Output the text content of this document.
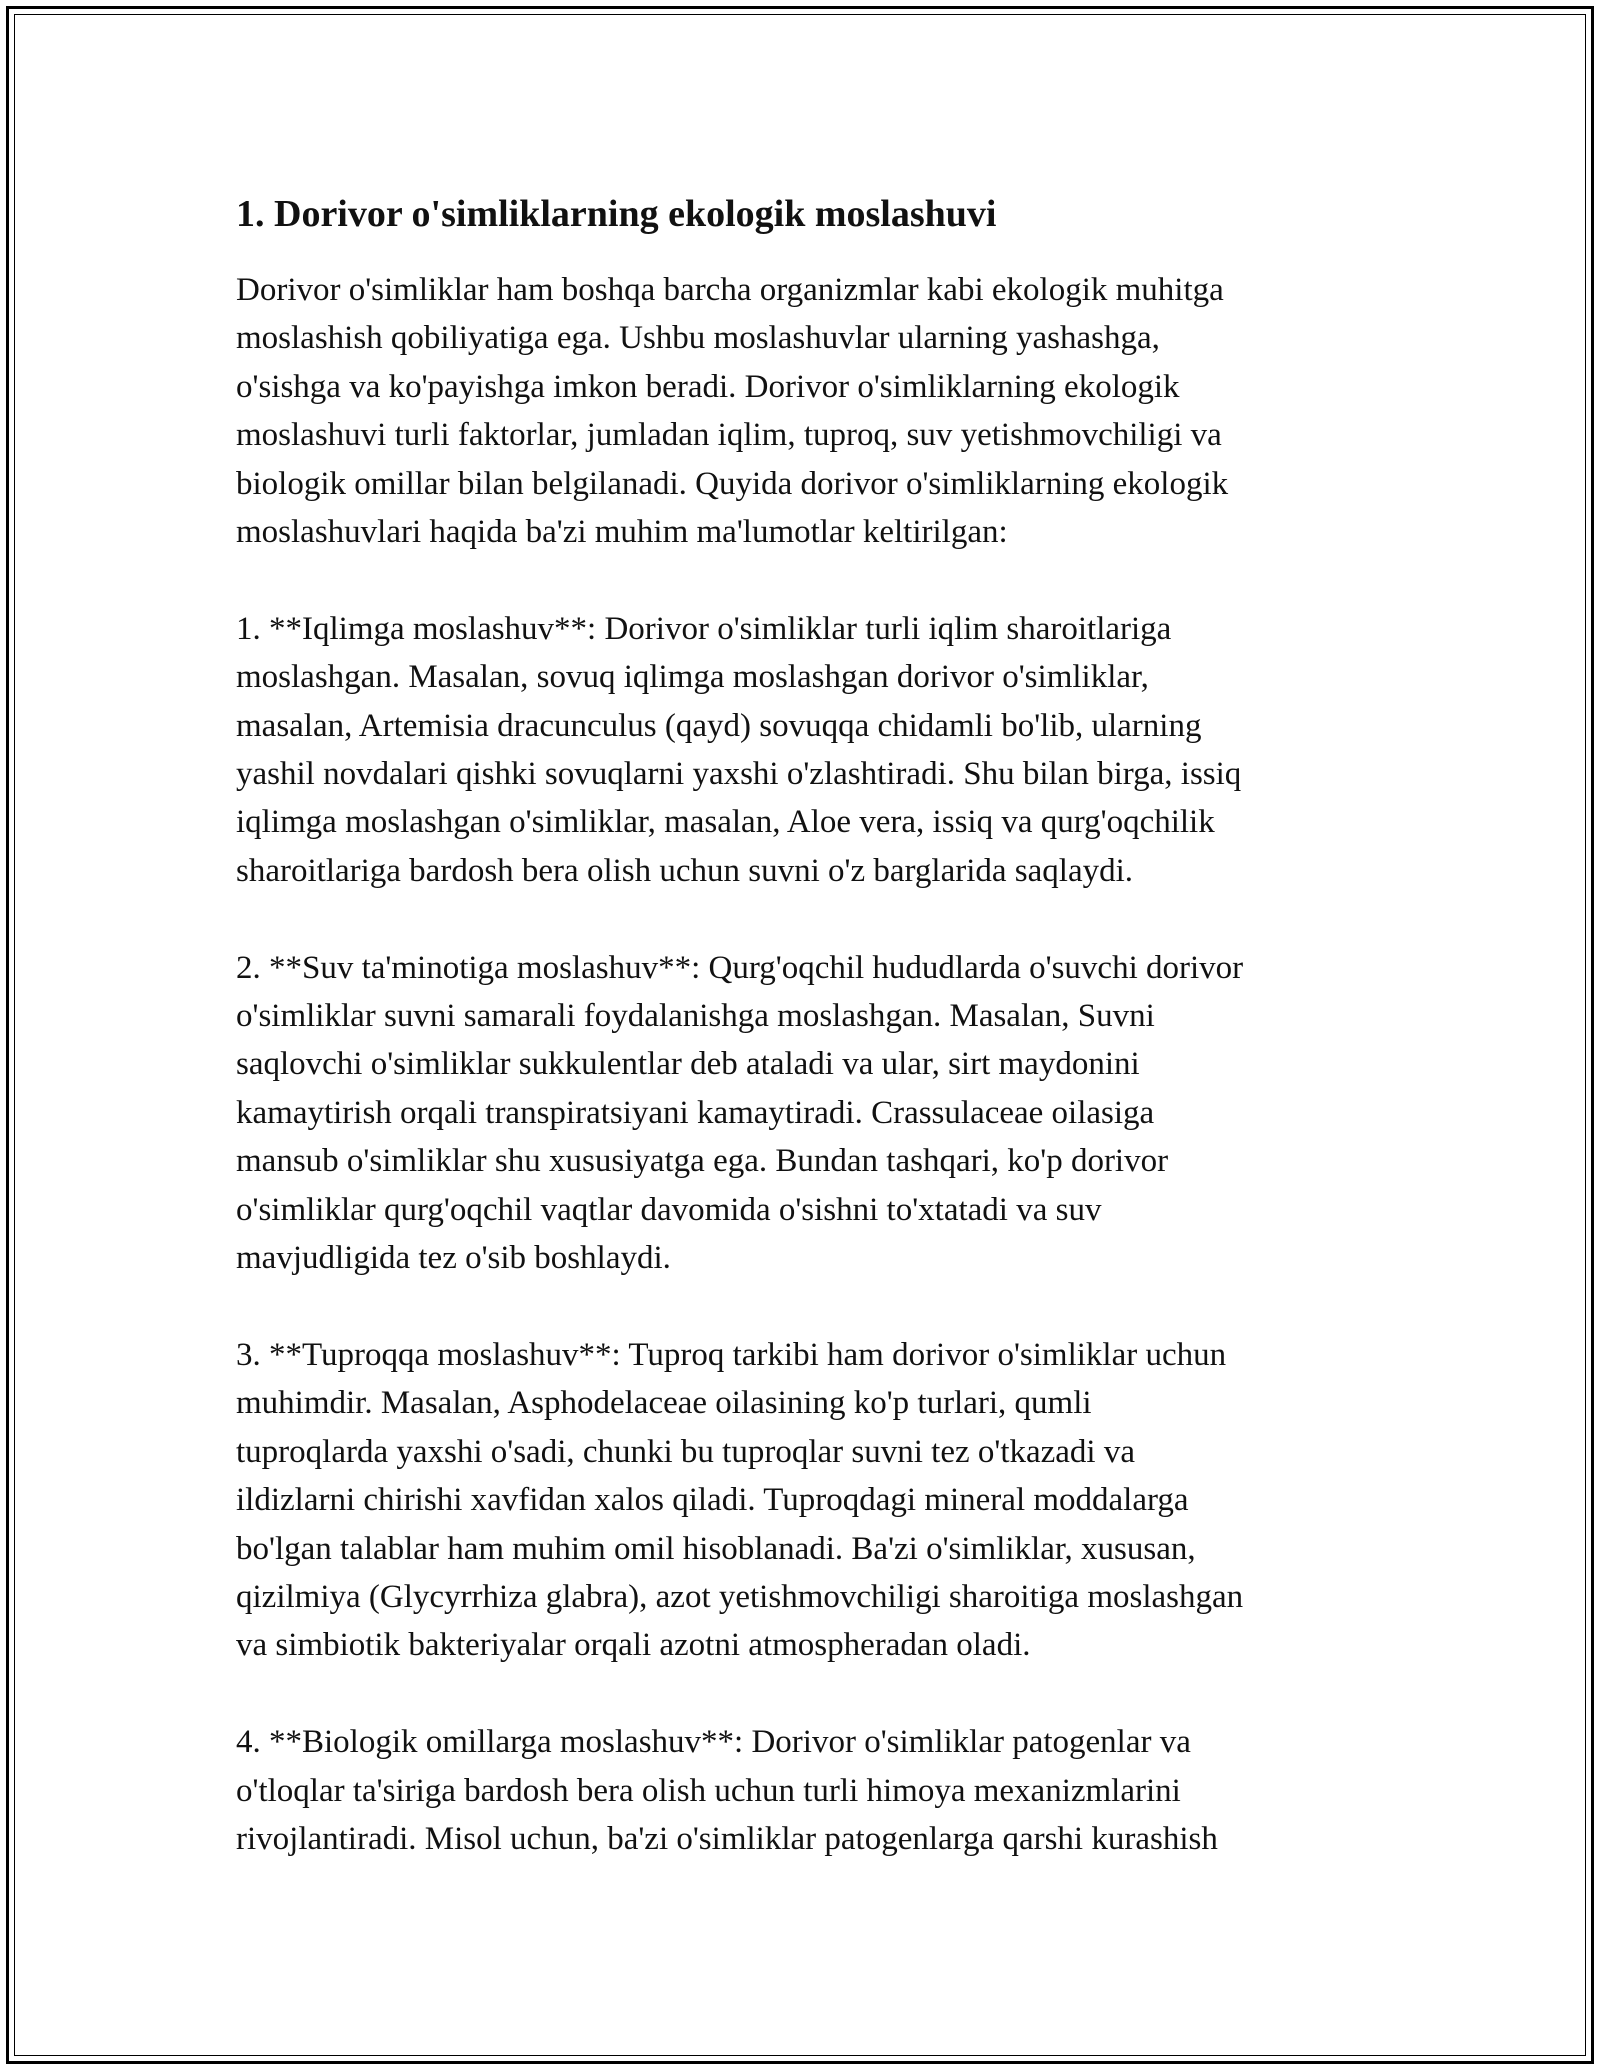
1. Dorivor o'simliklarning ekologik moslashuvi

Dorivor o'simliklar ham boshqa barcha organizmlar kabi ekologik muhitga
moslashish qobiliyatiga ega. Ushbu moslashuvlar ularning yashashga,
o'sishga va ko'payishga imkon beradi. Dorivor o'simliklarning ekologik
moslashuvi turli faktorlar, jumladan iqlim, tuproq, suv yetishmovchiligi va
biologik omillar bilan belgilanadi. Quyida dorivor o'simliklarning ekologik
moslashuvlari haqida ba'zi muhim ma'lumotlar keltirilgan:

1. **Iqlimga moslashuv**: Dorivor o'simliklar turli iqlim sharoitlariga
moslashgan. Masalan, sovuq iqlimga moslashgan dorivor o'simliklar,
masalan, Artemisia dracunculus (qayd) sovuqqa chidamli bo'lib, ularning
yashil novdalari qishki sovuqlarni yaxshi o'zlashtiradi. Shu bilan birga, issiq
iqlimga moslashgan o'simliklar, masalan, Aloe vera, issiq va qurg'oqchilik
sharoitlariga bardosh bera olish uchun suvni o'z barglarida saqlaydi.

2. **Suv ta'minotiga moslashuv**: Qurg'oqchil hududlarda o'suvchi dorivor
o'simliklar suvni samarali foydalanishga moslashgan. Masalan, Suvni
saqlovchi o'simliklar sukkulentlar deb ataladi va ular, sirt maydonini
kamaytirish orqali transpiratsiyani kamaytiradi. Crassulaceae oilasiga
mansub o'simliklar shu xususiyatga ega. Bundan tashqari, ko'p dorivor
o'simliklar qurg'oqchil vaqtlar davomida o'sishni to'xtatadi va suv
mavjudligida tez o'sib boshlaydi.

3. **Tuproqqa moslashuv**: Tuproq tarkibi ham dorivor o'simliklar uchun
muhimdir. Masalan, Asphodelaceae oilasining ko'p turlari, qumli
tuproqlarda yaxshi o'sadi, chunki bu tuproqlar suvni tez o'tkazadi va
ildizlarni chirishi xavfidan xalos qiladi. Tuproqdagi mineral moddalarga
bo'lgan talablar ham muhim omil hisoblanadi. Ba'zi o'simliklar, xususan,
qizilmiya (Glycyrrhiza glabra), azot yetishmovchiligi sharoitiga moslashgan
va simbiotik bakteriyalar orqali azotni atmospheradan oladi.

4. **Biologik omillarga moslashuv**: Dorivor o'simliklar patogenlar va
o'tloqlar ta'siriga bardosh bera olish uchun turli himoya mexanizmlarini
rivojlantiradi. Misol uchun, ba'zi o'simliklar patogenlarga qarshi kurashish
